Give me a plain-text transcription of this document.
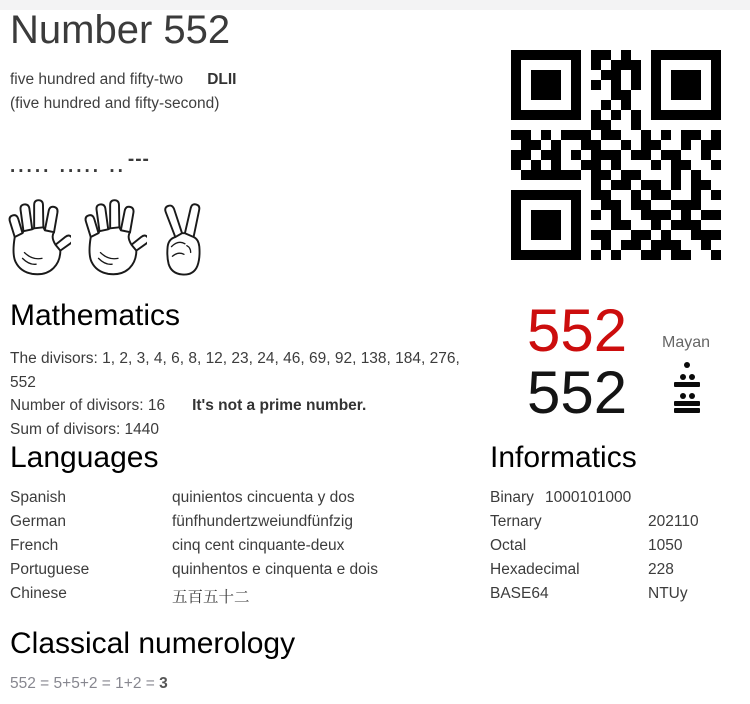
Number 552
five hundred and fifty-two DLII
(five hundred and fifty-second)
..... ..... .. ---
Mathematics
The divisors: 1, 2, 3, 4, 6, 8, 12, 23, 24, 46, 69, 92, 138, 184, 276, 552
Number of divisors: 16 It's not a prime number.
Sum of divisors: 1440
552 Mayan
552
Languages
Spanish	quinientos cincuenta y dos
German	fünfhundertzweiundfünfzig
French	cinq cent cinquante-deux
Portuguese	quinhentos e cinquenta e dois
Chinese	五百五十二
Informatics
Binary 1000101000
Ternary	202110
Octal	1050
Hexadecimal	228
BASE64	NTUy
Classical numerology
552 = 5+5+2 = 1+2 = 3
